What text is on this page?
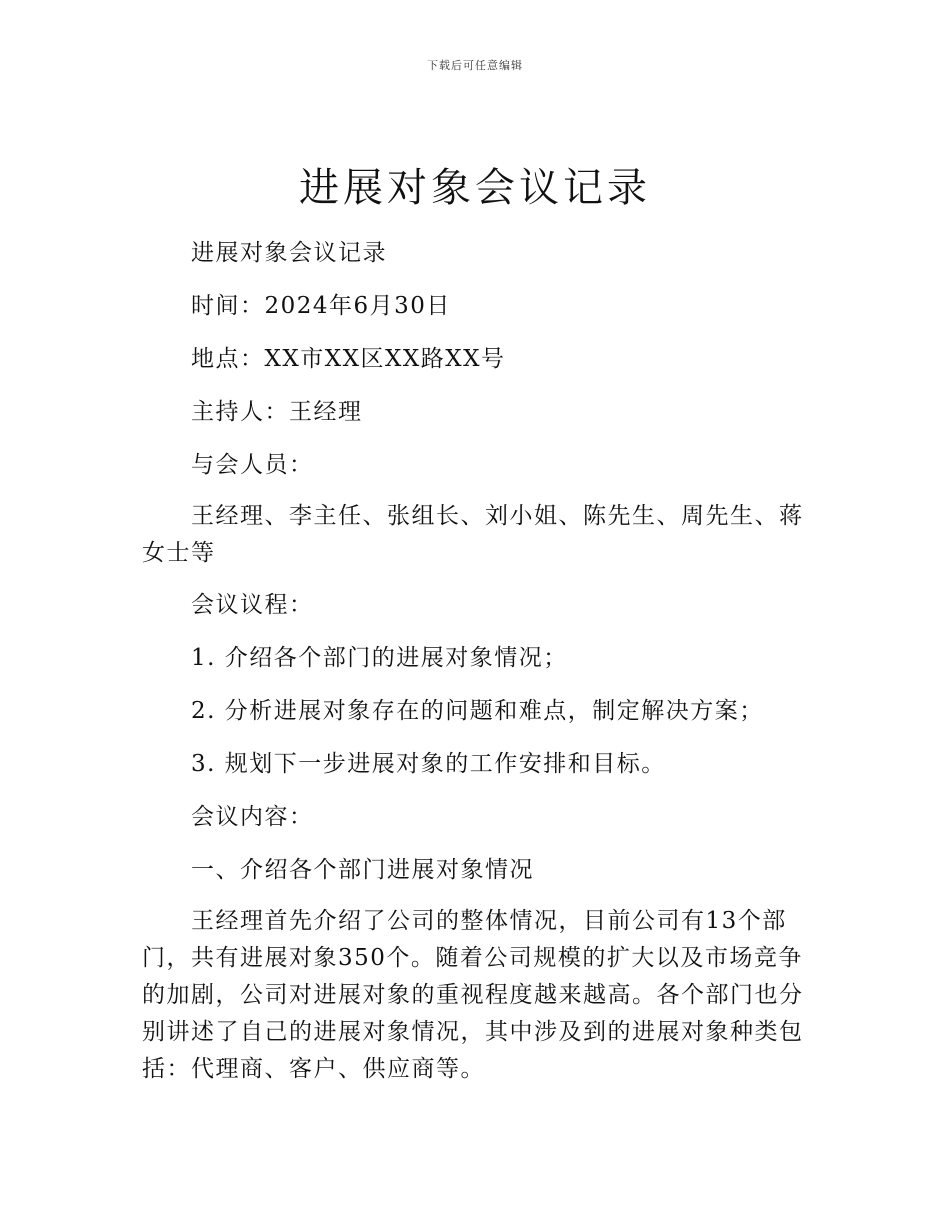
下载后可任意编辑
进展对象会议记录

进展对象会议记录

时间：2024年6月30日

地点：XX市XX区XX路XX号

主持人：王经理

与会人员：

王经理、李主任、张组长、刘小姐、陈先生、周先生、蒋女士等

会议议程：

1. 介绍各个部门的进展对象情况；

2. 分析进展对象存在的问题和难点，制定解决方案；

3. 规划下一步进展对象的工作安排和目标。

会议内容：

一、介绍各个部门进展对象情况

王经理首先介绍了公司的整体情况，目前公司有13个部门，共有进展对象350个。随着公司规模的扩大以及市场竞争的加剧，公司对进展对象的重视程度越来越高。各个部门也分别讲述了自己的进展对象情况，其中涉及到的进展对象种类包括：代理商、客户、供应商等。
